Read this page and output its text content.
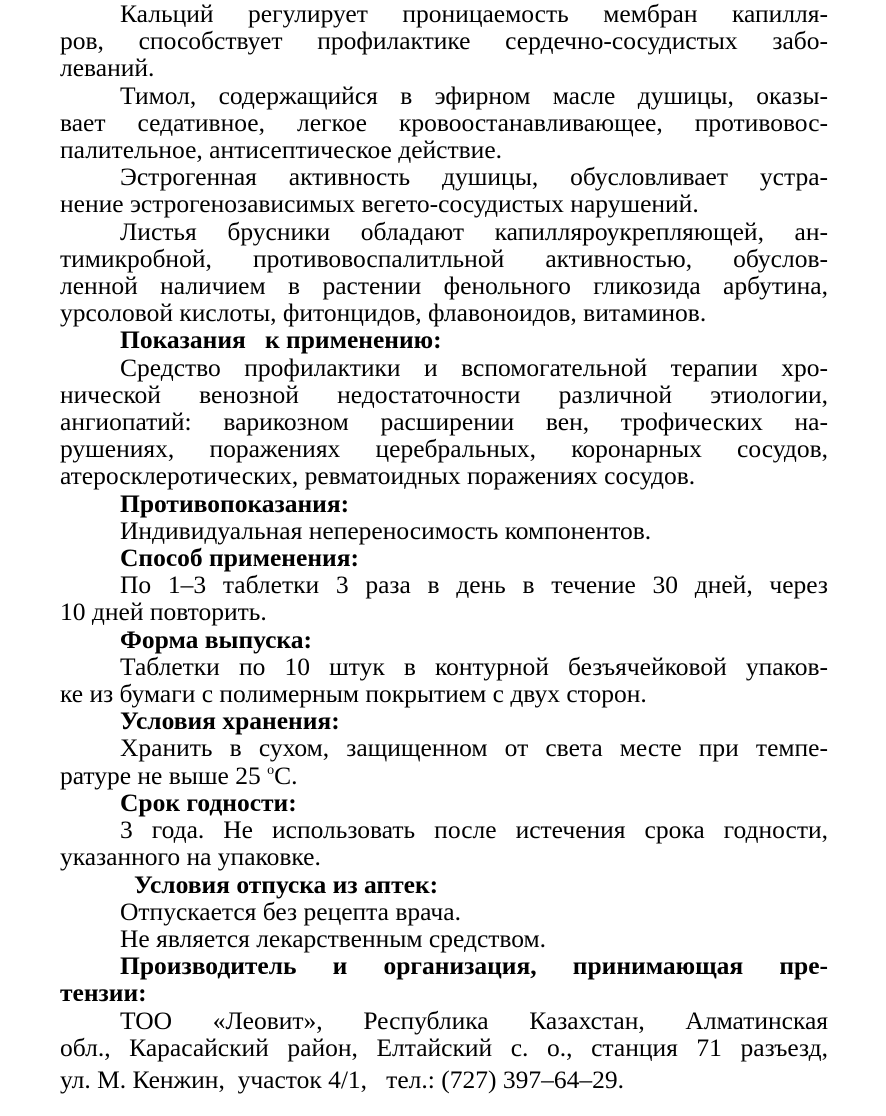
Кальций регулирует проницаемость мембран капилля-
ров, способствует профилактике сердечно-сосудистых забо-
леваний.
Тимол, содержащийся в эфирном масле душицы, оказы-
вает седативное, легкое кровоостанавливающее, противовос-
палительное, антисептическое действие.
Эстрогенная активность душицы, обусловливает устра-
нение эстрогенозависимых вегето-сосудистых нарушений.
Листья брусники обладают капилляроукрепляющей, ан-
тимикробной, противовоспалитльной активностью, обуслов-
ленной наличием в растении фенольного гликозида арбутина,
урсоловой кислоты, фитонцидов, флавоноидов, витаминов.
Показания   к применению:
Средство профилактики и вспомогательной терапии хро-
нической венозной недостаточности различной этиологии,
ангиопатий: варикозном расширении вен, трофических на-
рушениях, поражениях церебральных, коронарных сосудов,
атеросклеротических, ревматоидных поражениях сосудов.
Противопоказания:
Индивидуальная непереносимость компонентов.
Способ применения:
По 1–3 таблетки 3 раза в день в течение 30 дней, через
10 дней повторить.
Форма выпуска:
Таблетки по 10 штук в контурной безъячейковой упаков-
ке из бумаги с полимерным покрытием с двух сторон.
Условия хранения:
Хранить в сухом, защищенном от света месте при темпе-
ратуре не выше 25 $^о$С.
Срок годности:
3 года. Не использовать после истечения срока годности,
указанного на упаковке.
Условия отпуска из аптек:
Отпускается без рецепта врача.
Не является лекарственным средством.
Производитель и организация, принимающая пре-
тензии:
ТОО «Леовит», Республика Казахстан, Алматинская
обл., Карасайский район, Елтайский с. о., станция 71 разъезд,
ул. М. Кенжин,  участок 4/1,   тел.: (727) 397–64–29.
